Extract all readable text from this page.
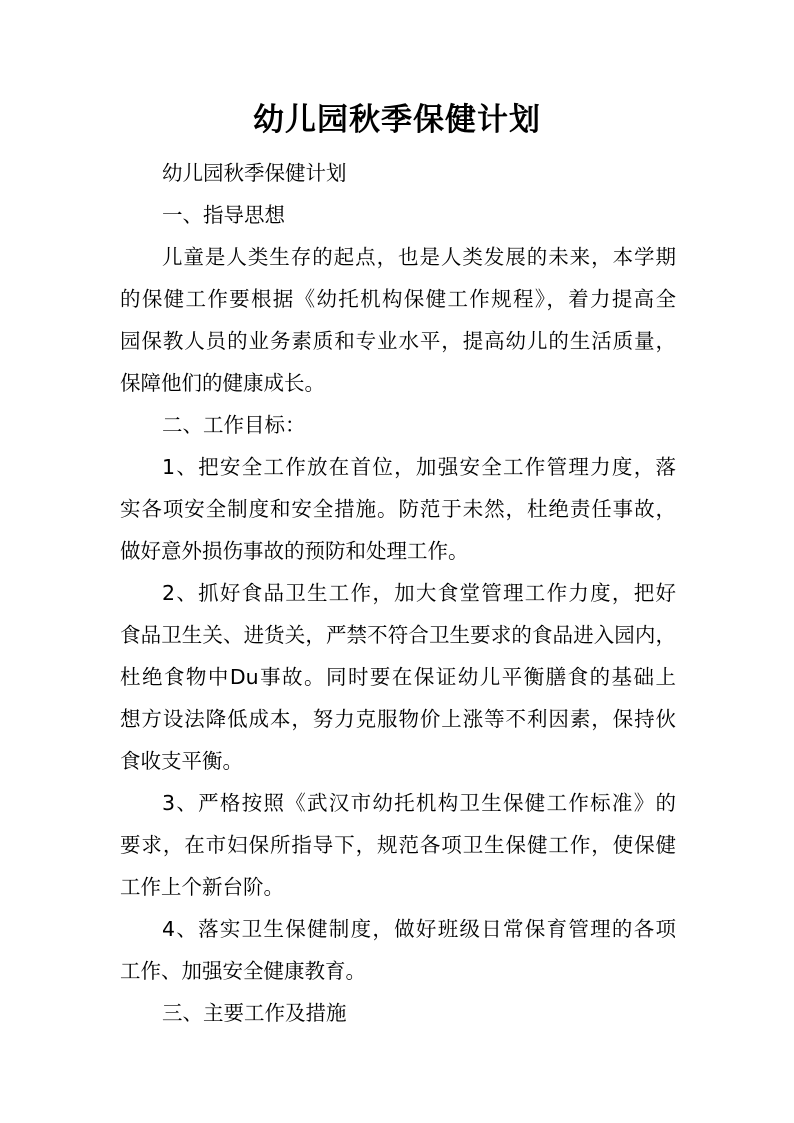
幼儿园秋季保健计划
幼儿园秋季保健计划
一、指导思想
儿童是人类生存的起点，也是人类发展的未来，本学期
的保健工作要根据《幼托机构保健工作规程》，着力提高全
园保教人员的业务素质和专业水平，提高幼儿的生活质量，
保障他们的健康成长。
二、工作目标：
1、把安全工作放在首位，加强安全工作管理力度，落
实各项安全制度和安全措施。防范于未然，杜绝责任事故，
做好意外损伤事故的预防和处理工作。
2、抓好食品卫生工作，加大食堂管理工作力度，把好
食品卫生关、进货关，严禁不符合卫生要求的食品进入园内，
杜绝食物中Du事故。同时要在保证幼儿平衡膳食的基础上
想方设法降低成本，努力克服物价上涨等不利因素，保持伙
食收支平衡。
3、严格按照《武汉市幼托机构卫生保健工作标准》的
要求，在市妇保所指导下，规范各项卫生保健工作，使保健
工作上个新台阶。
4、落实卫生保健制度，做好班级日常保育管理的各项
工作、加强安全健康教育。
三、主要工作及措施
